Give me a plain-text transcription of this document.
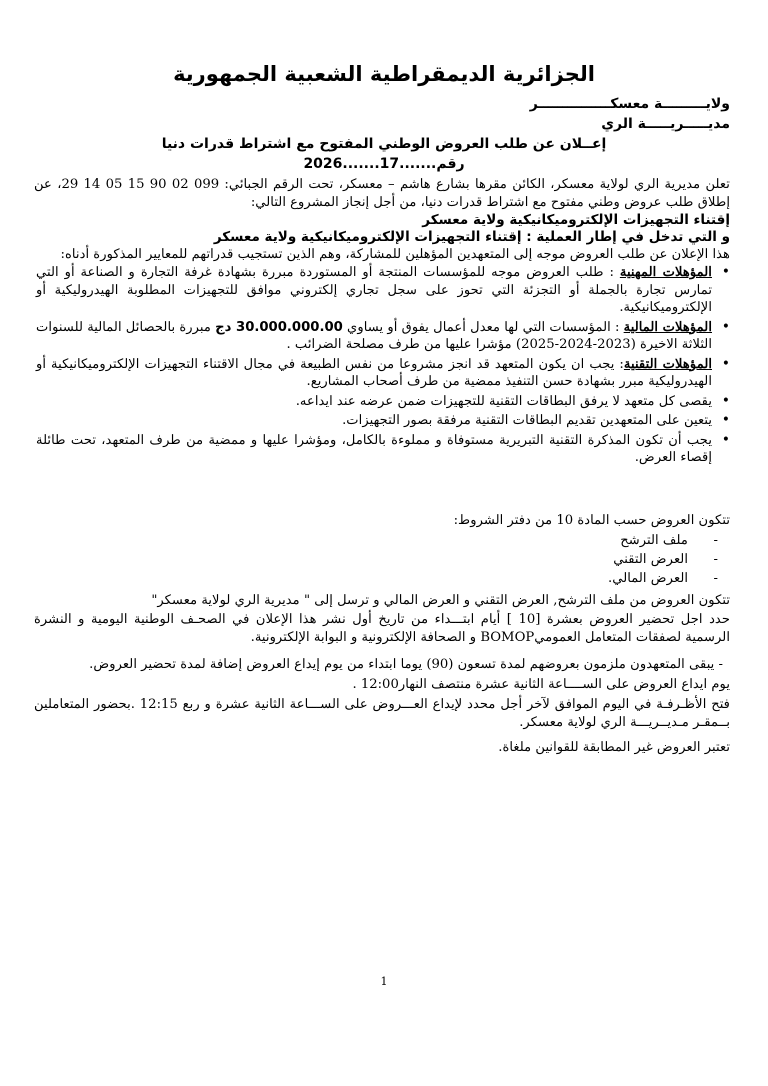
الجزائرية الديمقراطية الشعبية الجمهورية
ولايـــــــــة معسكـــــــــــــــر
مديـــــريـــــة الري
إعــلان عن طلب العروض الوطني المفتوح مع اشتراط قدرات دنيا
رقم.......17.......2026
تعلن مديرية الري لولاية معسكر، الكائن مقرها بشارع هاشم – معسكر، تحت الرقم الجبائي: 099 02 90 15 05 14 29، عن إطلاق طلب عروض وطني مفتوح مع اشتراط قدرات دنيا، من أجل إنجاز المشروع التالي:
إقتناء التجهيزات الإلكتروميكانيكية ولاية معسكر
و التي تدخل في إطار العملية : إقتناء التجهيزات الإلكتروميكانيكية ولاية معسكر
هذا الإعلان عن طلب العروض موجه إلى المتعهدين المؤهلين للمشاركة، وهم الذين تستجيب قدراتهم للمعايير المذكورة أدناه:
• المؤهلات المهنية : طلب العروض موجه للمؤسسات المنتجة أو المستوردة مبررة بشهادة غرفة التجارة و الصناعة أو التي تمارس تجارة بالجملة أو التجزئة التي تحوز على سجل تجاري إلكتروني موافق للتجهيزات المطلوبة الهيدروليكية أو الإلكتروميكانيكية.
• المؤهلات المالية : المؤسسات التي لها معدل أعمال يفوق أو يساوي 30.000.000.00 دج مبررة بالحصائل المالية للسنوات الثلاثة الاخيرة (2023-2024-2025) مؤشرا عليها من طرف مصلحة الضرائب .
• المؤهلات التقنية: يجب ان يكون المتعهد قد انجز مشروعا من نفس الطبيعة في مجال الاقتناء التجهيزات الإلكتروميكانيكية أو الهيدروليكية مبرر بشهادة حسن التنفيذ ممضية من طرف أصحاب المشاريع.
• يقصى كل متعهد لا يرفق البطاقات التقنية للتجهيزات ضمن عرضه عند ايداعه.
• يتعين على المتعهدين تقديم البطاقات التقنية مرفقة بصور التجهيزات.
• يجب أن تكون المذكرة التقنية التبريرية مستوفاة و مملوءة بالكامل، ومؤشرا عليها و ممضية من طرف المتعهد، تحت طائلة إقصاء العرض.
تتكون العروض حسب المادة 10 من دفتر الشروط:
- ملف الترشح
- العرض التقني
- العرض المالي.
تتكون العروض من ملف الترشح, العرض التقني و العرض المالي و ترسل إلى " مديرية الري لولاية معسكر"
حدد اجل تحضير العروض بعشرة [10 ] أيام ابتـــداء من تاريخ أول نشر هذا الإعلان في الصحـف الوطنية اليومية و النشرة الرسمية لصفقات المتعامل العموميBOMOP و الصحافة الإلكترونية و البوابة الإلكترونية.
- يبقى المتعهدون ملزمون بعروضهم لمدة تسعون (90) يوما ابتداء من يوم إيداع العروض إضافة لمدة تحضير العروض.
يوم ايداع العروض على الســــاعة الثانية عشرة منتصف النهار12:00 .
فتح الأظـرفـة في اليوم الموافق لآخر أجل محدد لإيداع العـــروض على الســـاعة الثانية عشرة و ربع 12:15 .بحضور المتعاملين بــمقـر مـديــريـــة الري لولاية معسكر.
تعتبر العروض غير المطابقة للقوانين ملغاة.
1
